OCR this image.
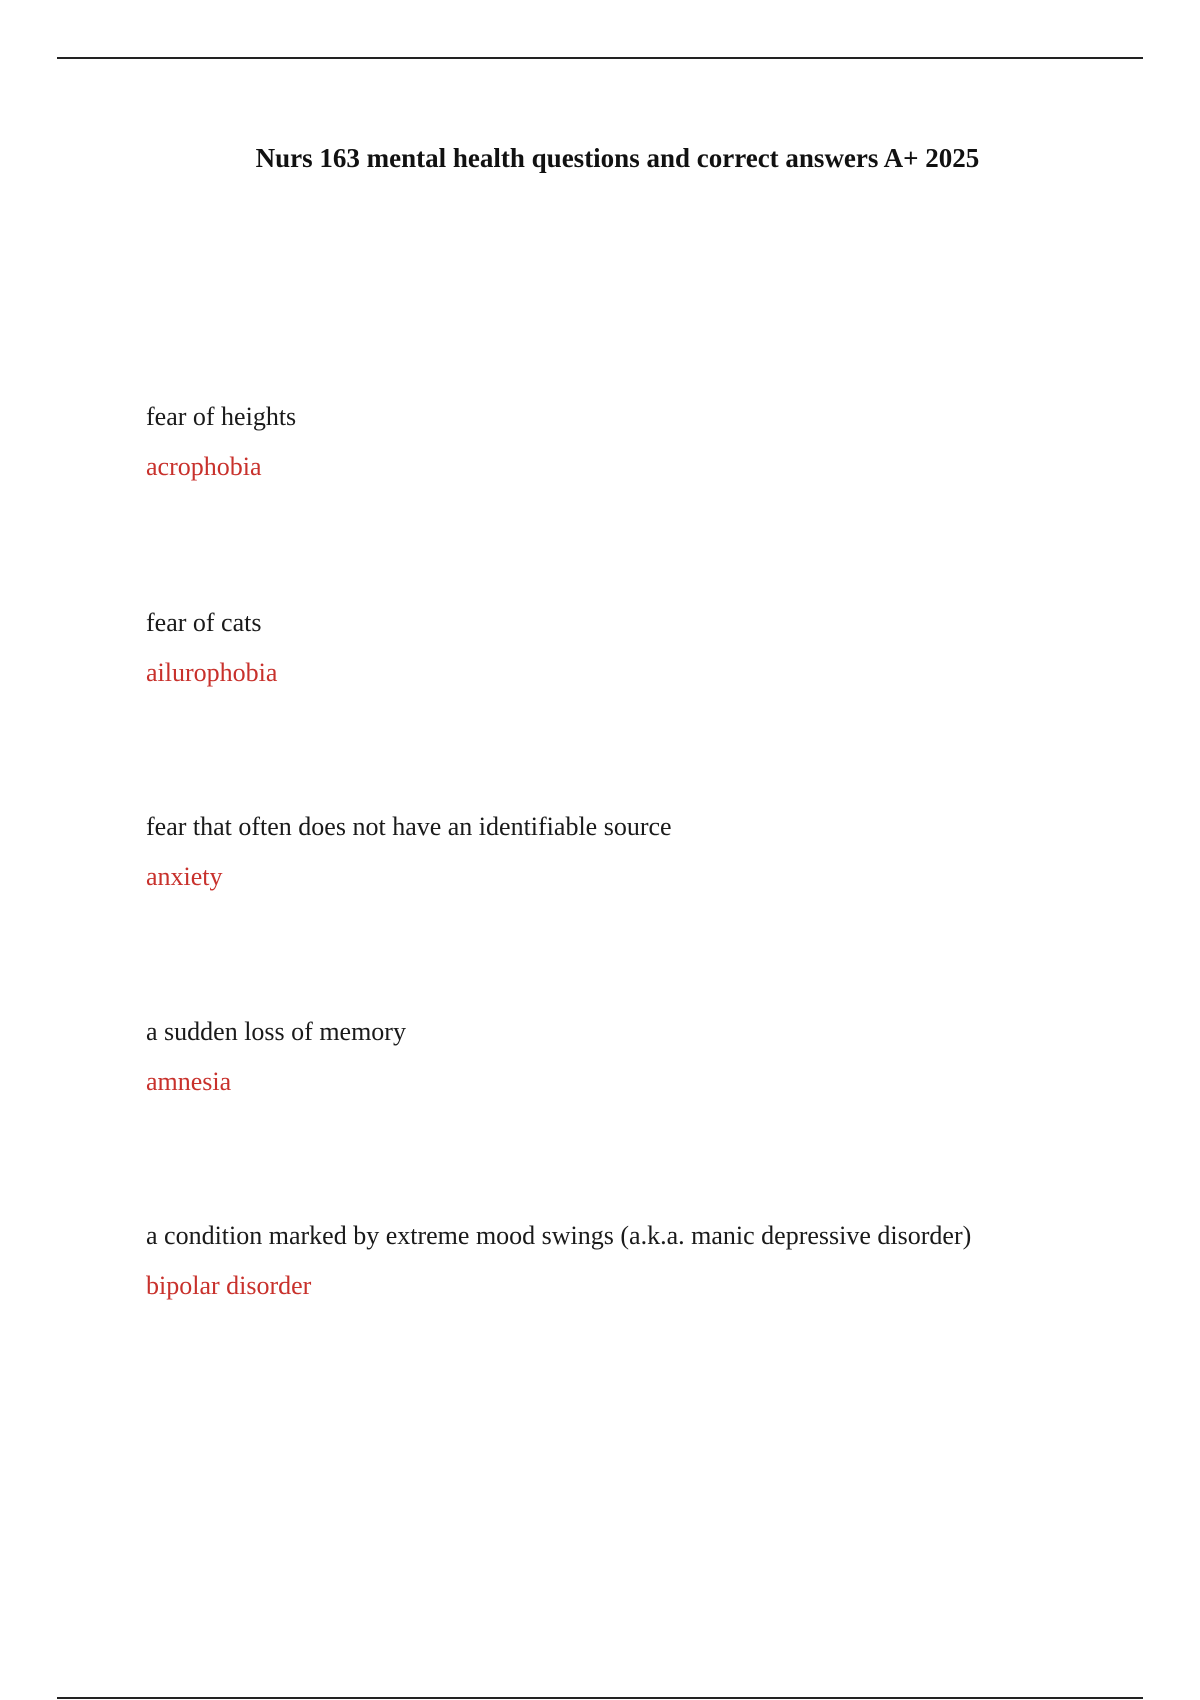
Nurs 163 mental health questions and correct answers A+ 2025

fear of heights

acrophobia

fear of cats

ailurophobia

fear that often does not have an identifiable source

anxiety

a sudden loss of memory

amnesia

a condition marked by extreme mood swings (a.k.a. manic depressive disorder)

bipolar disorder
